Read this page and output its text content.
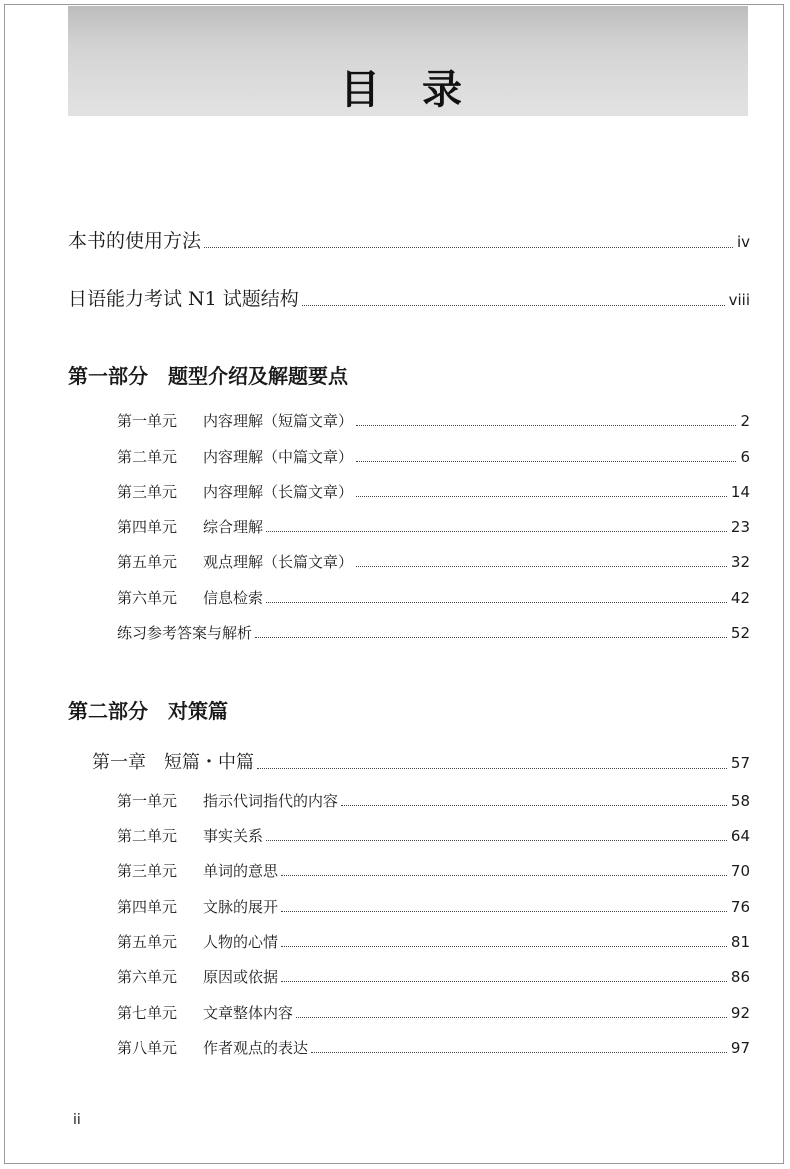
目 录
本书的使用方法	iv
日语能力考试 N1 试题结构	viii
第一部分　题型介绍及解题要点
第一单元 内容理解（短篇文章）	2
第二单元 内容理解（中篇文章）	6
第三单元 内容理解（长篇文章）	14
第四单元 综合理解	23
第五单元 观点理解（长篇文章）	32
第六单元 信息检索	42
练习参考答案与解析	52
第二部分　对策篇
第一章　短篇・中篇	57
第一单元 指示代词指代的内容	58
第二单元 事实关系	64
第三单元 单词的意思	70
第四单元 文脉的展开	76
第五单元 人物的心情	81
第六单元 原因或依据	86
第七单元 文章整体内容	92
第八单元 作者观点的表达	97
ii
